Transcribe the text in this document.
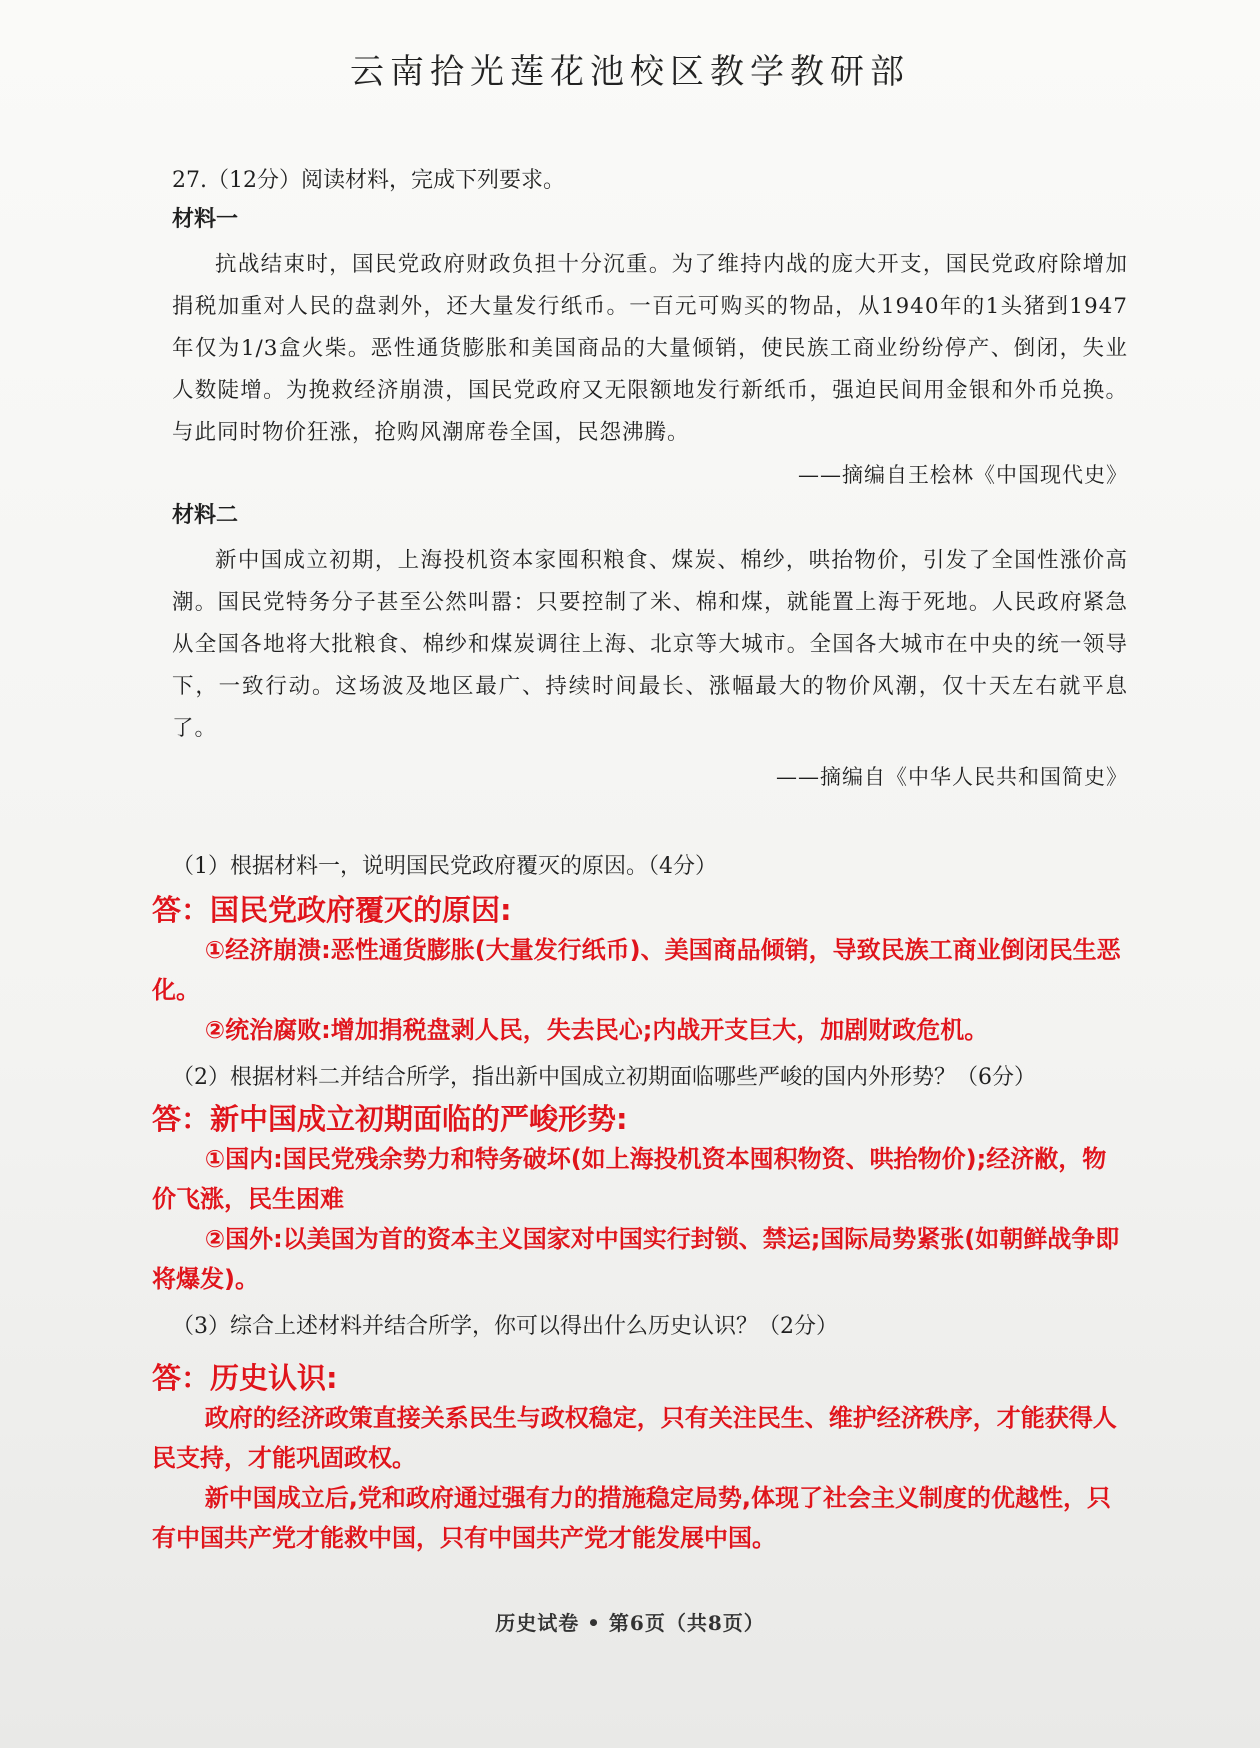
云南拾光莲花池校区教学教研部
27.（12分）阅读材料，完成下列要求。
材料一
抗战结束时，国民党政府财政负担十分沉重。为了维持内战的庞大开支，国民党政府除增加捐税加重对人民的盘剥外，还大量发行纸币。一百元可购买的物品，从1940年的1头猪到1947年仅为1/3盒火柴。恶性通货膨胀和美国商品的大量倾销，使民族工商业纷纷停产、倒闭，失业人数陡增。为挽救经济崩溃，国民党政府又无限额地发行新纸币，强迫民间用金银和外币兑换。与此同时物价狂涨，抢购风潮席卷全国，民怨沸腾。
——摘编自王桧林《中国现代史》
材料二
新中国成立初期，上海投机资本家囤积粮食、煤炭、棉纱，哄抬物价，引发了全国性涨价高潮。国民党特务分子甚至公然叫嚣：只要控制了米、棉和煤，就能置上海于死地。人民政府紧急从全国各地将大批粮食、棉纱和煤炭调往上海、北京等大城市。全国各大城市在中央的统一领导下，一致行动。这场波及地区最广、持续时间最长、涨幅最大的物价风潮，仅十天左右就平息了。
——摘编自《中华人民共和国简史》
（1）根据材料一，说明国民党政府覆灭的原因。（4分）
答：国民党政府覆灭的原因:
①经济崩溃:恶性通货膨胀(大量发行纸币)、美国商品倾销，导致民族工商业倒闭民生恶化。
②统治腐败:增加捐税盘剥人民，失去民心;内战开支巨大，加剧财政危机。
（2）根据材料二并结合所学，指出新中国成立初期面临哪些严峻的国内外形势？（6分）
答：新中国成立初期面临的严峻形势:
①国内:国民党残余势力和特务破坏(如上海投机资本囤积物资、哄抬物价);经济敝，物价飞涨，民生困难
②国外:以美国为首的资本主义国家对中国实行封锁、禁运;国际局势紧张(如朝鲜战争即将爆发)。
（3）综合上述材料并结合所学，你可以得出什么历史认识？（2分）
答：历史认识:
政府的经济政策直接关系民生与政权稳定，只有关注民生、维护经济秩序，才能获得人民支持，才能巩固政权。
新中国成立后,党和政府通过强有力的措施稳定局势,体现了社会主义制度的优越性，只有中国共产党才能救中国，只有中国共产党才能发展中国。
历史试卷 • 第6页（共8页）
